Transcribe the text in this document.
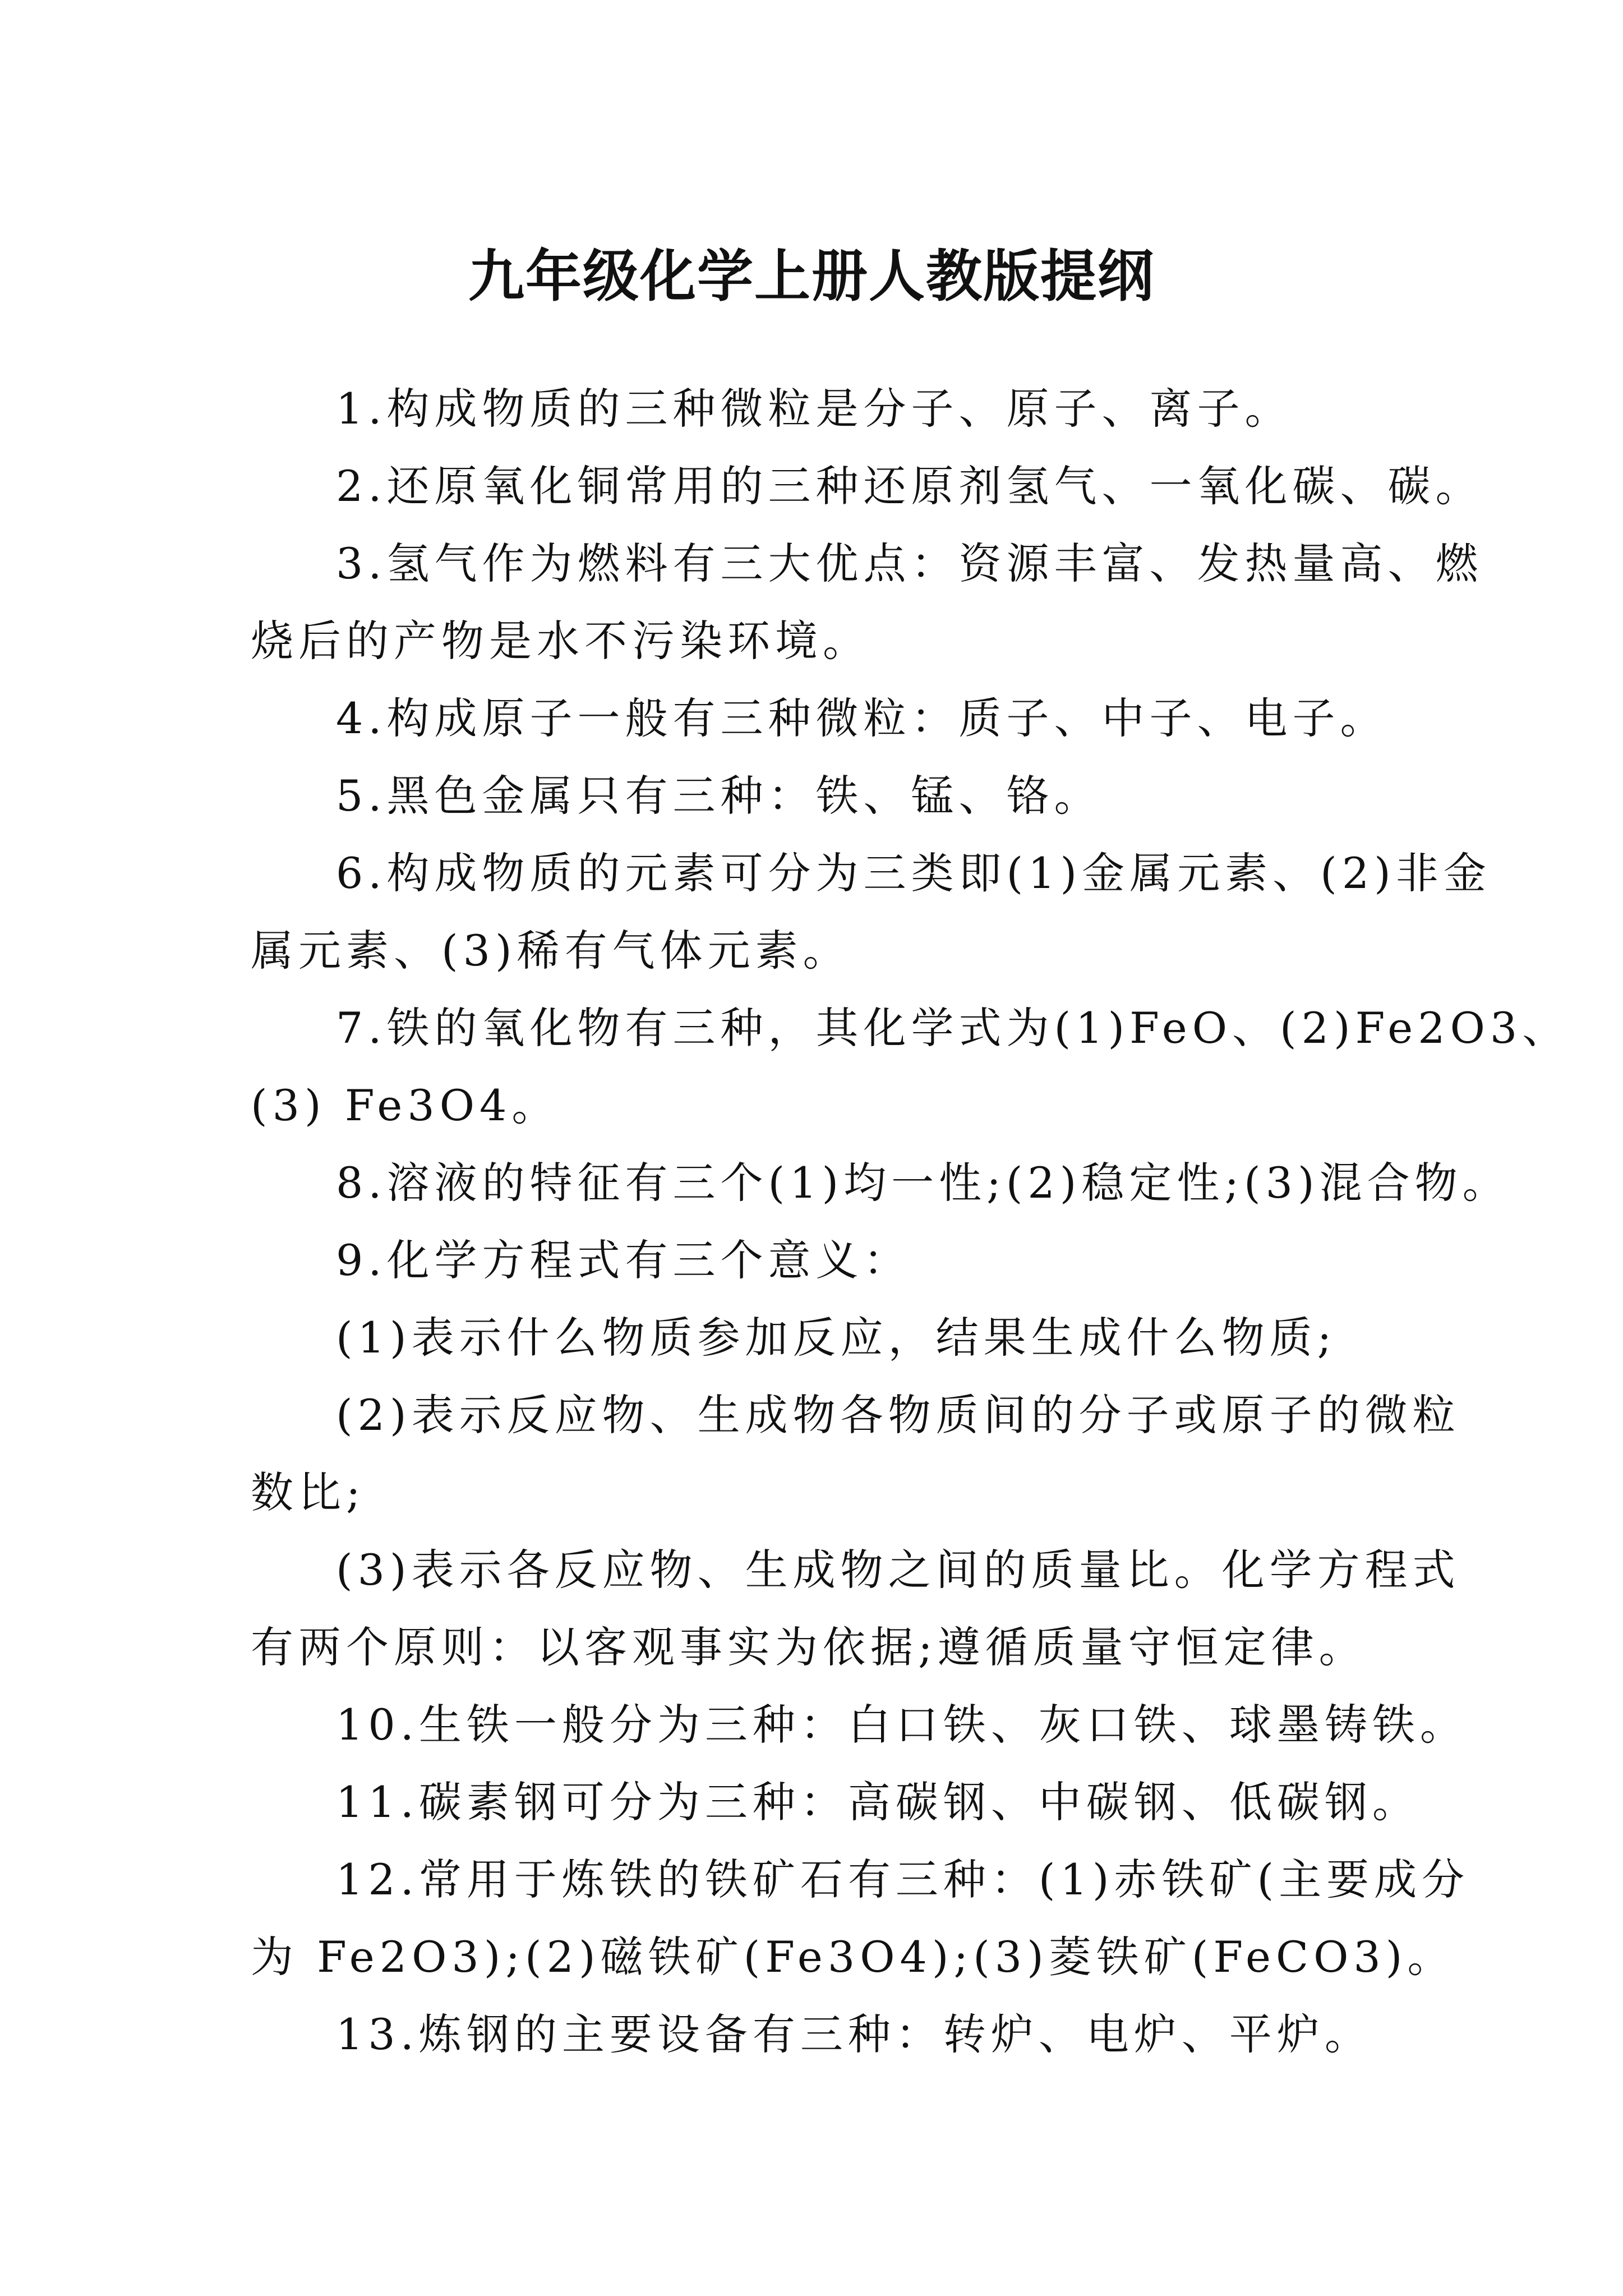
九年级化学上册人教版提纲
1.构成物质的三种微粒是分子、原子、离子。
2.还原氧化铜常用的三种还原剂氢气、一氧化碳、碳。
3.氢气作为燃料有三大优点：资源丰富、发热量高、燃
烧后的产物是水不污染环境。
4.构成原子一般有三种微粒：质子、中子、电子。
5.黑色金属只有三种：铁、锰、铬。
6.构成物质的元素可分为三类即(1)金属元素、(2)非金
属元素、(3)稀有气体元素。
7.铁的氧化物有三种，其化学式为(1)FeO、(2)Fe2O3、
(3) Fe3O4。
8.溶液的特征有三个(1)均一性;(2)稳定性;(3)混合物。
9.化学方程式有三个意义：
(1)表示什么物质参加反应，结果生成什么物质;
(2)表示反应物、生成物各物质间的分子或原子的微粒
数比;
(3)表示各反应物、生成物之间的质量比。化学方程式
有两个原则：以客观事实为依据;遵循质量守恒定律。
10.生铁一般分为三种：白口铁、灰口铁、球墨铸铁。
11.碳素钢可分为三种：高碳钢、中碳钢、低碳钢。
12.常用于炼铁的铁矿石有三种：(1)赤铁矿(主要成分
为 Fe2O3);(2)磁铁矿(Fe3O4);(3)菱铁矿(FeCO3)。
13.炼钢的主要设备有三种：转炉、电炉、平炉。
